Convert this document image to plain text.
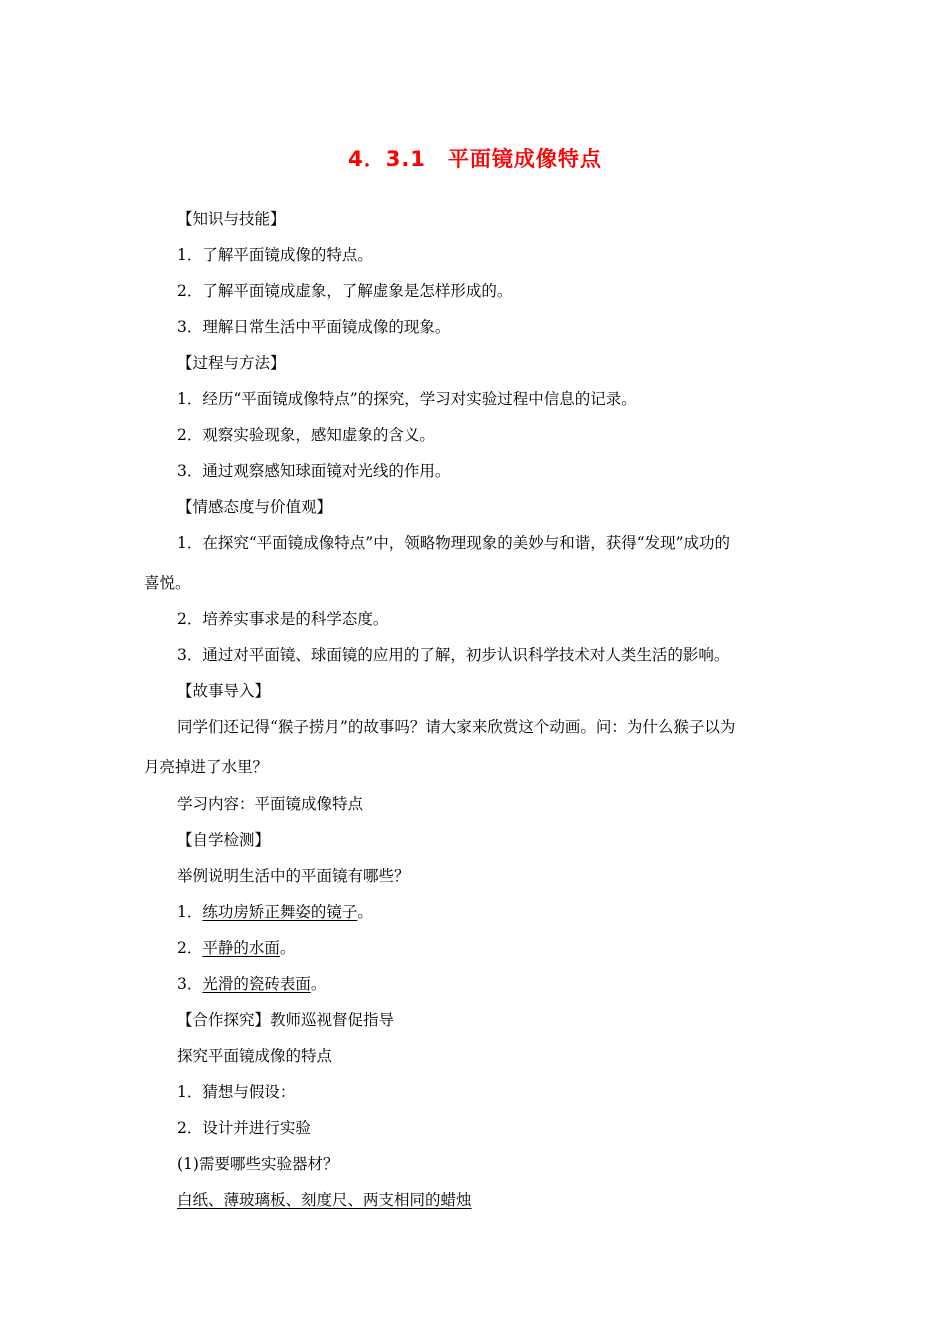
4．3.1　平面镜成像特点

【知识与技能】

1．了解平面镜成像的特点。

2．了解平面镜成虚象，了解虚象是怎样形成的。

3．理解日常生活中平面镜成像的现象。

【过程与方法】

1．经历“平面镜成像特点”的探究，学习对实验过程中信息的记录。

2．观察实验现象，感知虚象的含义。

3．通过观察感知球面镜对光线的作用。

【情感态度与价值观】

1．在探究“平面镜成像特点”中，领略物理现象的美妙与和谐，获得“发现”成功的

喜悦。

2．培养实事求是的科学态度。

3．通过对平面镜、球面镜的应用的了解，初步认识科学技术对人类生活的影响。

【故事导入】

同学们还记得“猴子捞月”的故事吗？请大家来欣赏这个动画。问：为什么猴子以为

月亮掉进了水里？

学习内容：平面镜成像特点

【自学检测】

举例说明生活中的平面镜有哪些？

1．练功房矫正舞姿的镜子。

2．平静的水面。

3．光滑的瓷砖表面。

【合作探究】教师巡视督促指导

探究平面镜成像的特点

1．猜想与假设：

2．设计并进行实验

(1)需要哪些实验器材？

白纸、薄玻璃板、刻度尺、两支相同的蜡烛
